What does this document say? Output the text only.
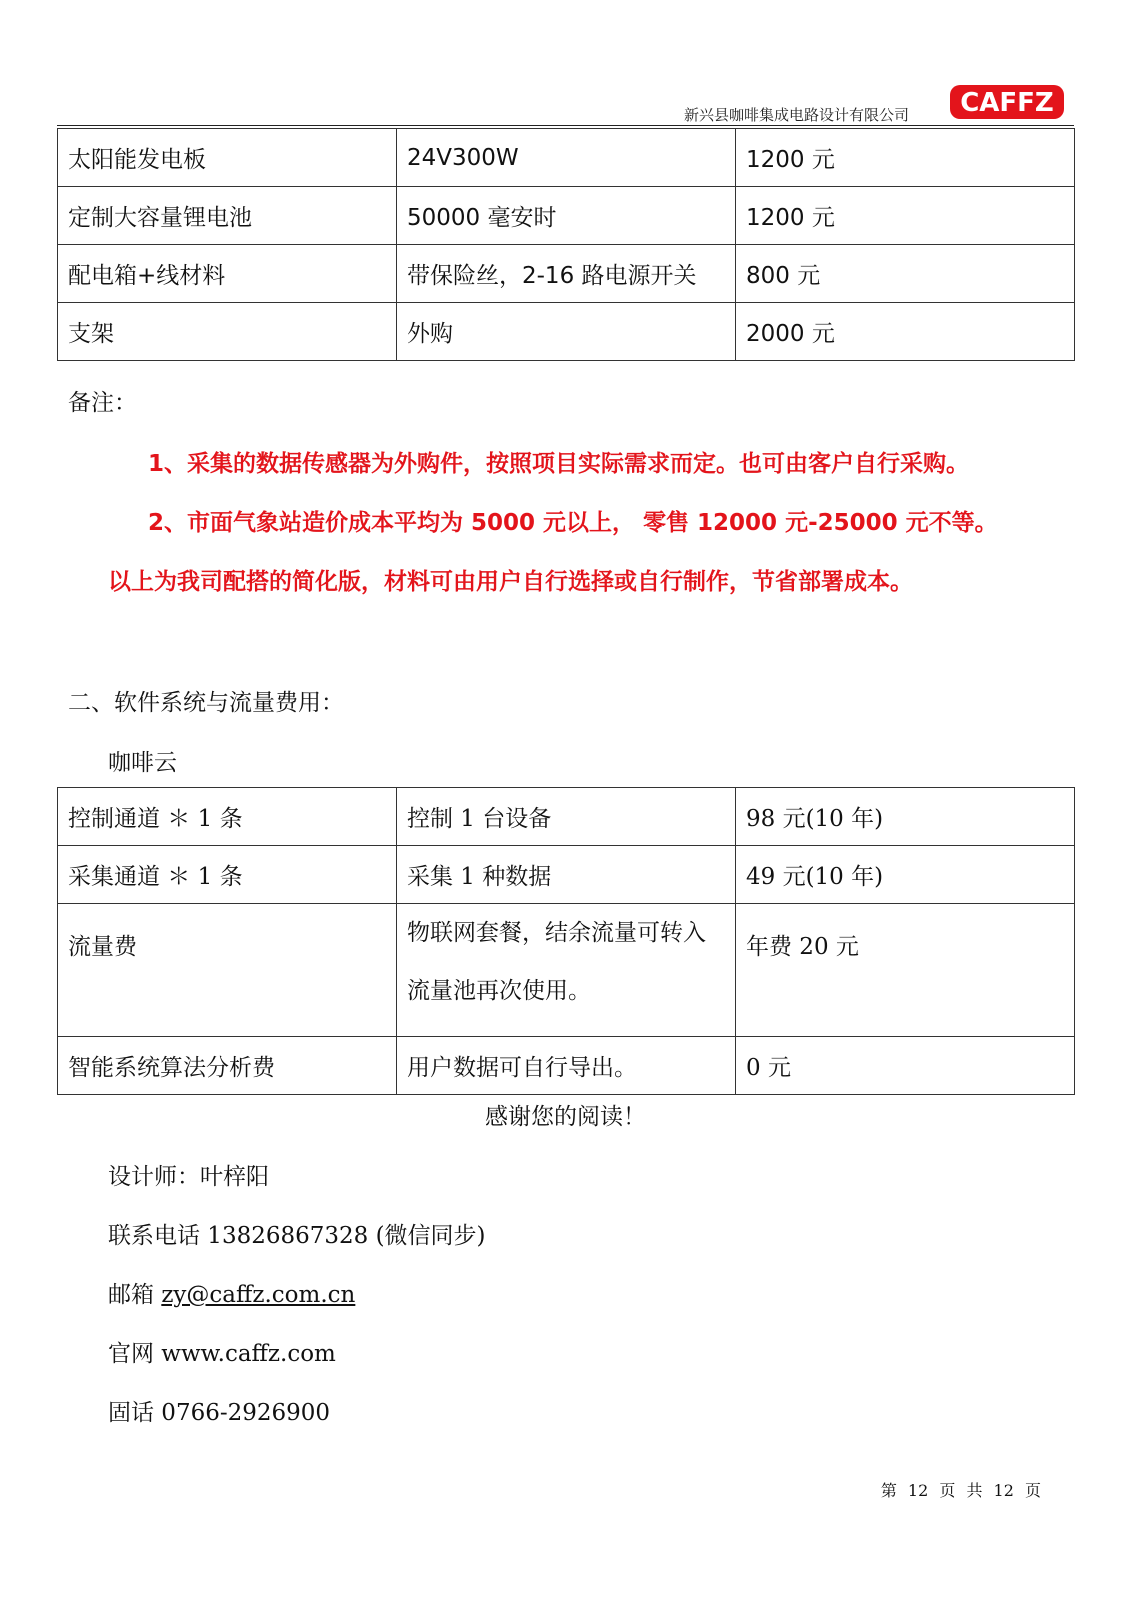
新兴县咖啡集成电路设计有限公司 CAFFZ
太阳能发电板	24V300W	1200 元
定制大容量锂电池	50000 毫安时	1200 元
配电箱+线材料	带保险丝，2-16 路电源开关	800 元
支架	外购	2000 元
备注：
1、采集的数据传感器为外购件，按照项目实际需求而定。也可由客户自行采购。
2、市面气象站造价成本平均为 5000 元以上， 零售 12000 元-25000 元不等。
以上为我司配搭的简化版，材料可由用户自行选择或自行制作，节省部署成本。
二、软件系统与流量费用：
咖啡云
控制通道 ＊ 1 条	控制 1 台设备	98 元(10 年)
采集通道 ＊ 1 条	采集 1 种数据	49 元(10 年)
流量费	物联网套餐，结余流量可转入流量池再次使用。	年费 20 元
智能系统算法分析费	用户数据可自行导出。	0 元
感谢您的阅读！
设计师：叶梓阳
联系电话 13826867328 (微信同步)
邮箱 zy@caffz.com.cn
官网 www.caffz.com
固话 0766-2926900
第 12 页 共 12 页
